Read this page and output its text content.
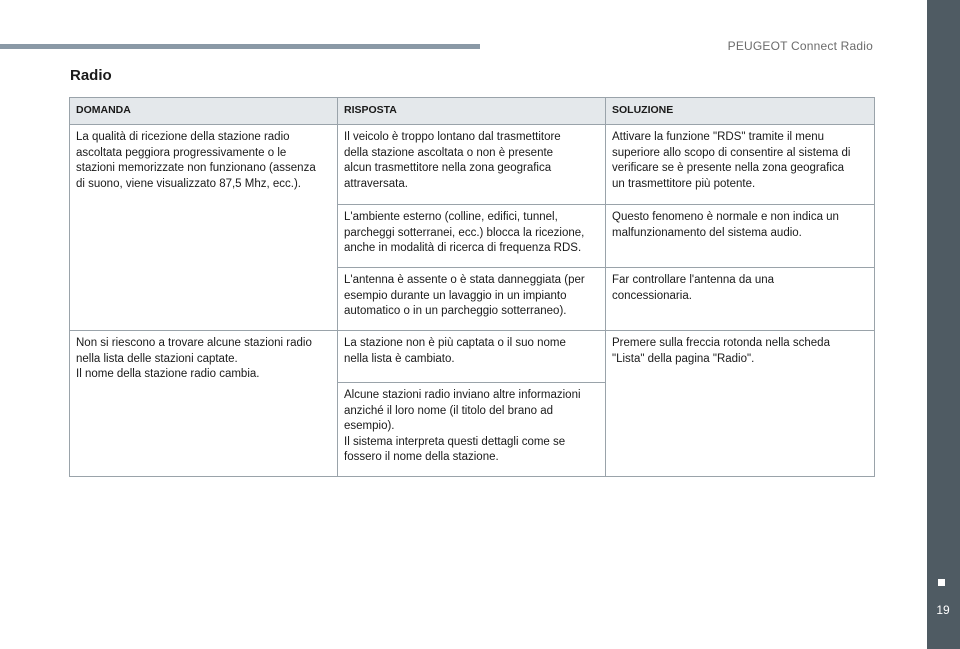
PEUGEOT Connect Radio
19
Radio
DOMANDA	RISPOSTA	SOLUZIONE
La qualità di ricezione della stazione radio
ascoltata peggiora progressivamente o le
stazioni memorizzate non funzionano (assenza
di suono, viene visualizzato 87,5 Mhz, ecc.).	Il veicolo è troppo lontano dal trasmettitore
della stazione ascoltata o non è presente
alcun trasmettitore nella zona geografica
attraversata.	Attivare la funzione "RDS" tramite il menu
superiore allo scopo di consentire al sistema di
verificare se è presente nella zona geografica
un trasmettitore più potente.
	L'ambiente esterno (colline, edifici, tunnel,
parcheggi sotterranei, ecc.) blocca la ricezione,
anche in modalità di ricerca di frequenza RDS.	Questo fenomeno è normale e non indica un
malfunzionamento del sistema audio.
	L'antenna è assente o è stata danneggiata (per
esempio durante un lavaggio in un impianto
automatico o in un parcheggio sotterraneo).	Far controllare l'antenna da una
concessionaria.
Non si riescono a trovare alcune stazioni radio
nella lista delle stazioni captate.
Il nome della stazione radio cambia.	La stazione non è più captata o il suo nome
nella lista è cambiato.	Premere sulla freccia rotonda nella scheda
"Lista" della pagina "Radio".
	Alcune stazioni radio inviano altre informazioni
anziché il loro nome (il titolo del brano ad
esempio).
Il sistema interpreta questi dettagli come se
fossero il nome della stazione.	
